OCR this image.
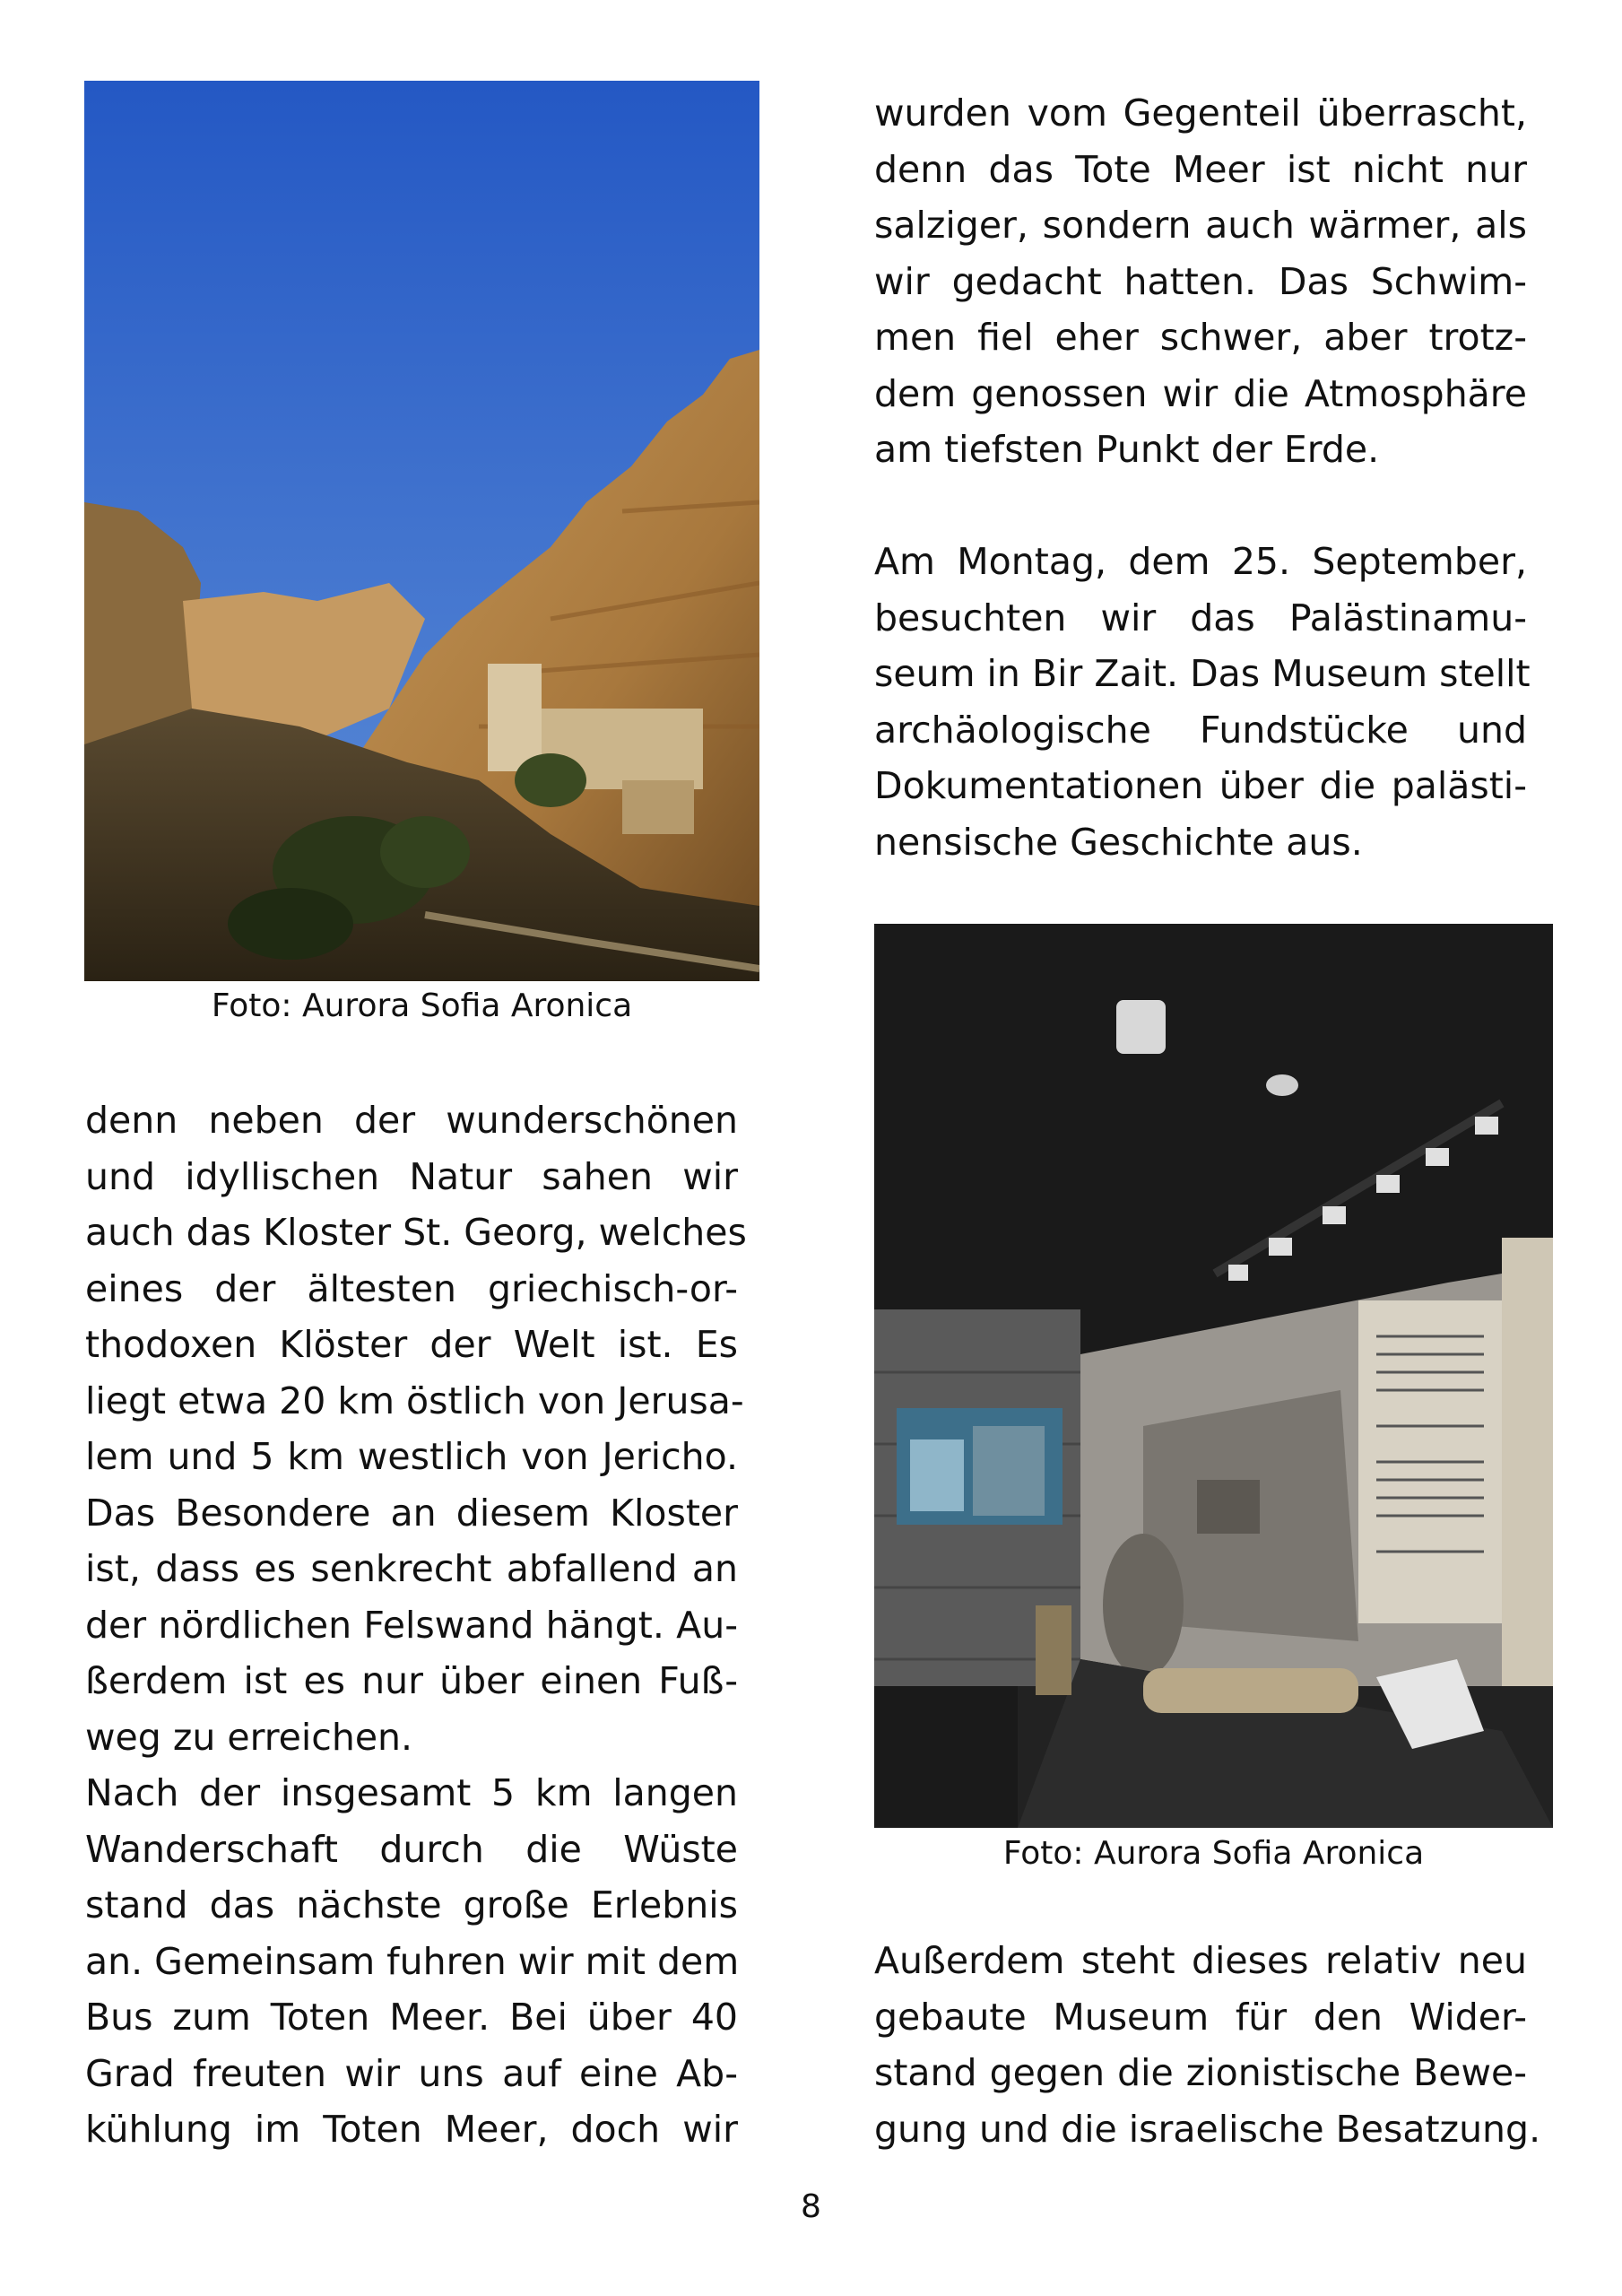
Foto: Aurora Sofia Aronica

wurden vom Gegenteil überrascht,
denn das Tote Meer ist nicht nur
salziger, sondern auch wärmer, als
wir gedacht hatten. Das Schwim-
men fiel eher schwer, aber trotz-
dem genossen wir die Atmosphäre
am tiefsten Punkt der Erde.
Am Montag, dem 25. September,
besuchten wir das Palästinamu-
seum in Bir Zait. Das Museum stellt
archäologische Fundstücke und
Dokumentationen über die palästi-
nensische Geschichte aus.

Foto: Aurora Sofia Aronica

denn neben der wunderschönen
und idyllischen Natur sahen wir
auch das Kloster St. Georg, welches
eines der ältesten griechisch-or-
thodoxen Klöster der Welt ist. Es
liegt etwa 20 km östlich von Jerusa-
lem und 5 km westlich von Jericho.
Das Besondere an diesem Kloster
ist, dass es senkrecht abfallend an
der nördlichen Felswand hängt. Au-
ßerdem ist es nur über einen Fuß-
weg zu erreichen.
Nach der insgesamt 5 km langen
Wanderschaft durch die Wüste
stand das nächste große Erlebnis
an. Gemeinsam fuhren wir mit dem
Bus zum Toten Meer. Bei über 40
Grad freuten wir uns auf eine Ab-
kühlung im Toten Meer, doch wir
Außerdem steht dieses relativ neu
gebaute Museum für den Wider-
stand gegen die zionistische Bewe-
gung und die israelische Besatzung.
8
